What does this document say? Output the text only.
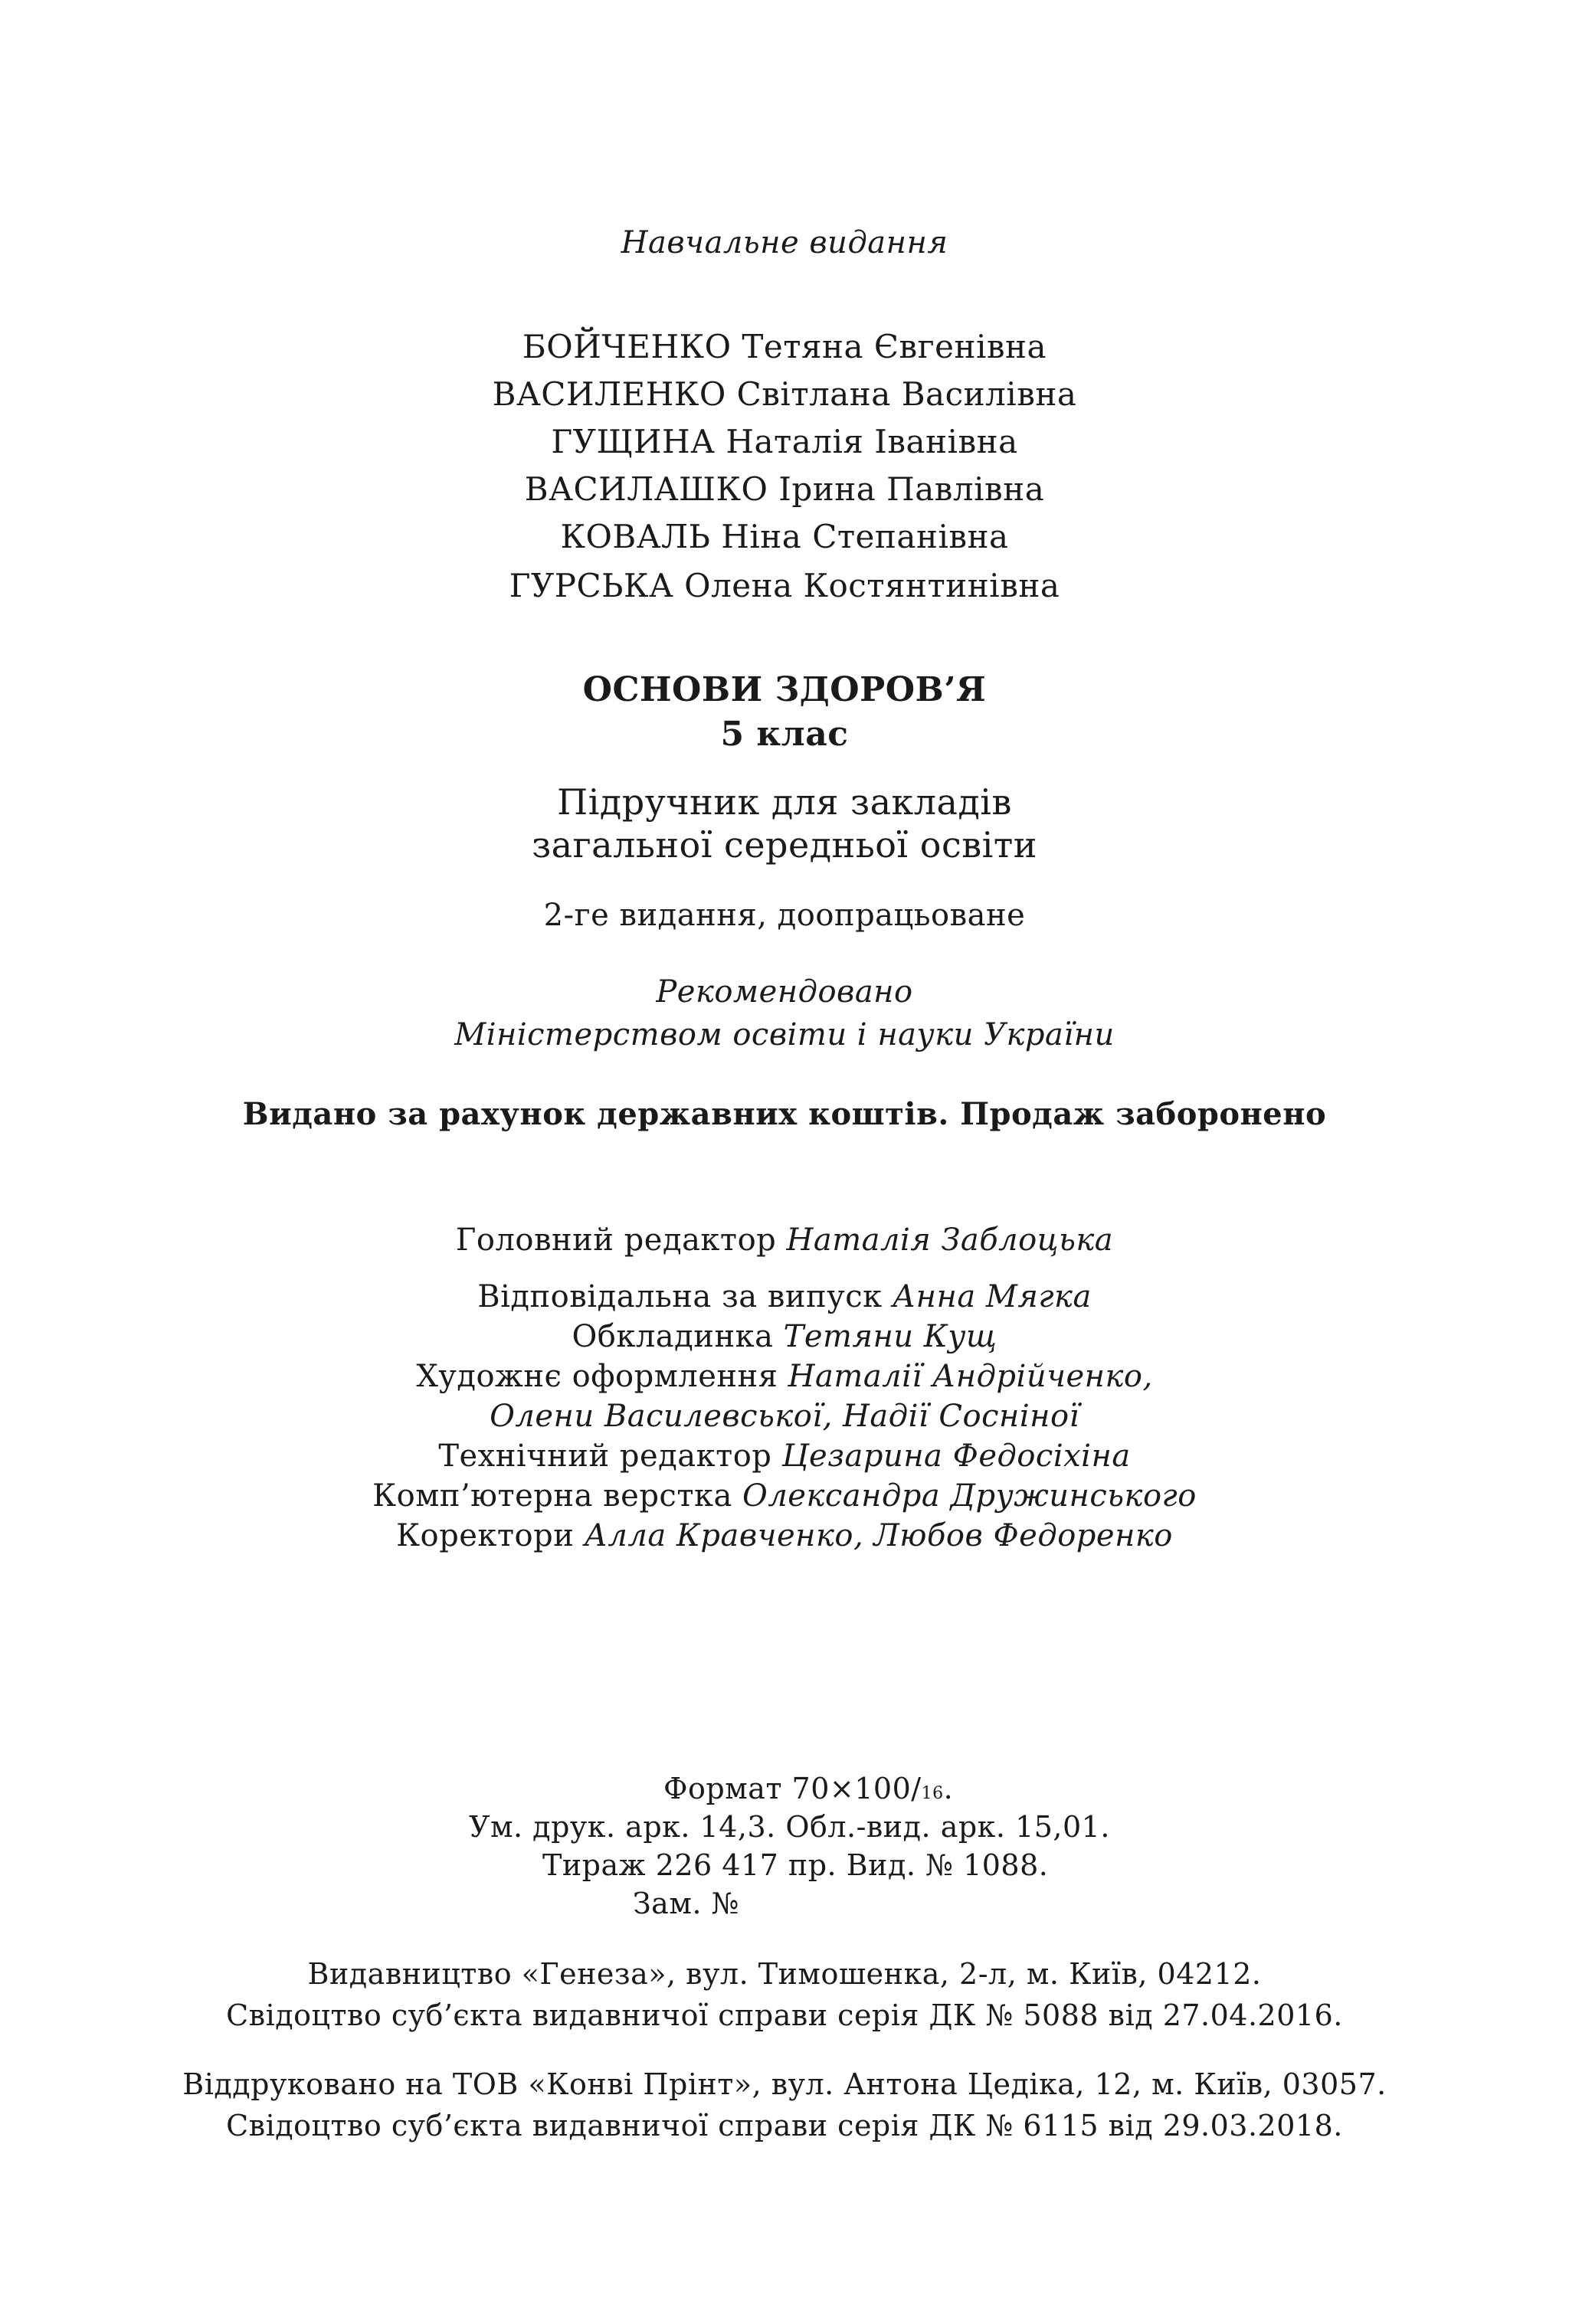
Навчальне видання
БОЙЧЕНКО Тетяна Євгенівна
ВАСИЛЕНКО Світлана Василівна
ГУЩИНА Наталія Іванівна
ВАСИЛАШКО Ірина Павлівна
КОВАЛЬ Ніна Степанівна
ГУРСЬКА Олена Костянтинівна
ОСНОВИ ЗДОРОВ’Я
5 клас
Підручник для закладів
загальної середньої освіти
2-ге видання, доопрацьоване
Рекомендовано
Міністерством освіти і науки України
Видано за рахунок державних коштів. Продаж заборонено
Головний редактор Наталія Заблоцька
Відповідальна за випуск Анна Мягка
Обкладинка Тетяни Кущ
Художнє оформлення Наталії Андрійченко,
Олени Василевської, Надії Сосніної
Технічний редактор Цезарина Федосіхіна
Комп’ютерна верстка Олександра Дружинського
Коректори Алла Кравченко, Любов Федоренко
Формат 70×100/16.
Ум. друк. арк. 14,3. Обл.-вид. арк. 15,01.
Тираж 226 417 пр. Вид. № 1088.
Зам. №
Видавництво «Генеза», вул. Тимошенка, 2-л, м. Київ, 04212.
Свідоцтво суб’єкта видавничої справи серія ДК № 5088 від 27.04.2016.
Віддруковано на ТОВ «Конві Прінт», вул. Антона Цедіка, 12, м. Київ, 03057.
Свідоцтво суб’єкта видавничої справи серія ДК № 6115 від 29.03.2018.
